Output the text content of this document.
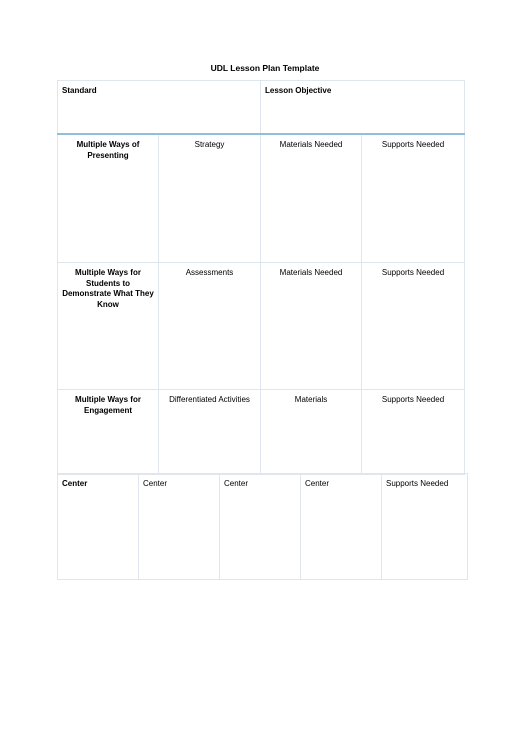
UDL Lesson Plan Template
Standard		Lesson Objective	
Multiple Ways of Presenting	Strategy	Materials Needed	Supports Needed
Multiple Ways for Students to Demonstrate What They Know	Assessments	Materials Needed	Supports Needed
Multiple Ways for Engagement	Differentiated Activities	Materials	Supports Needed
Center	Center	Center	Center	Supports Needed
